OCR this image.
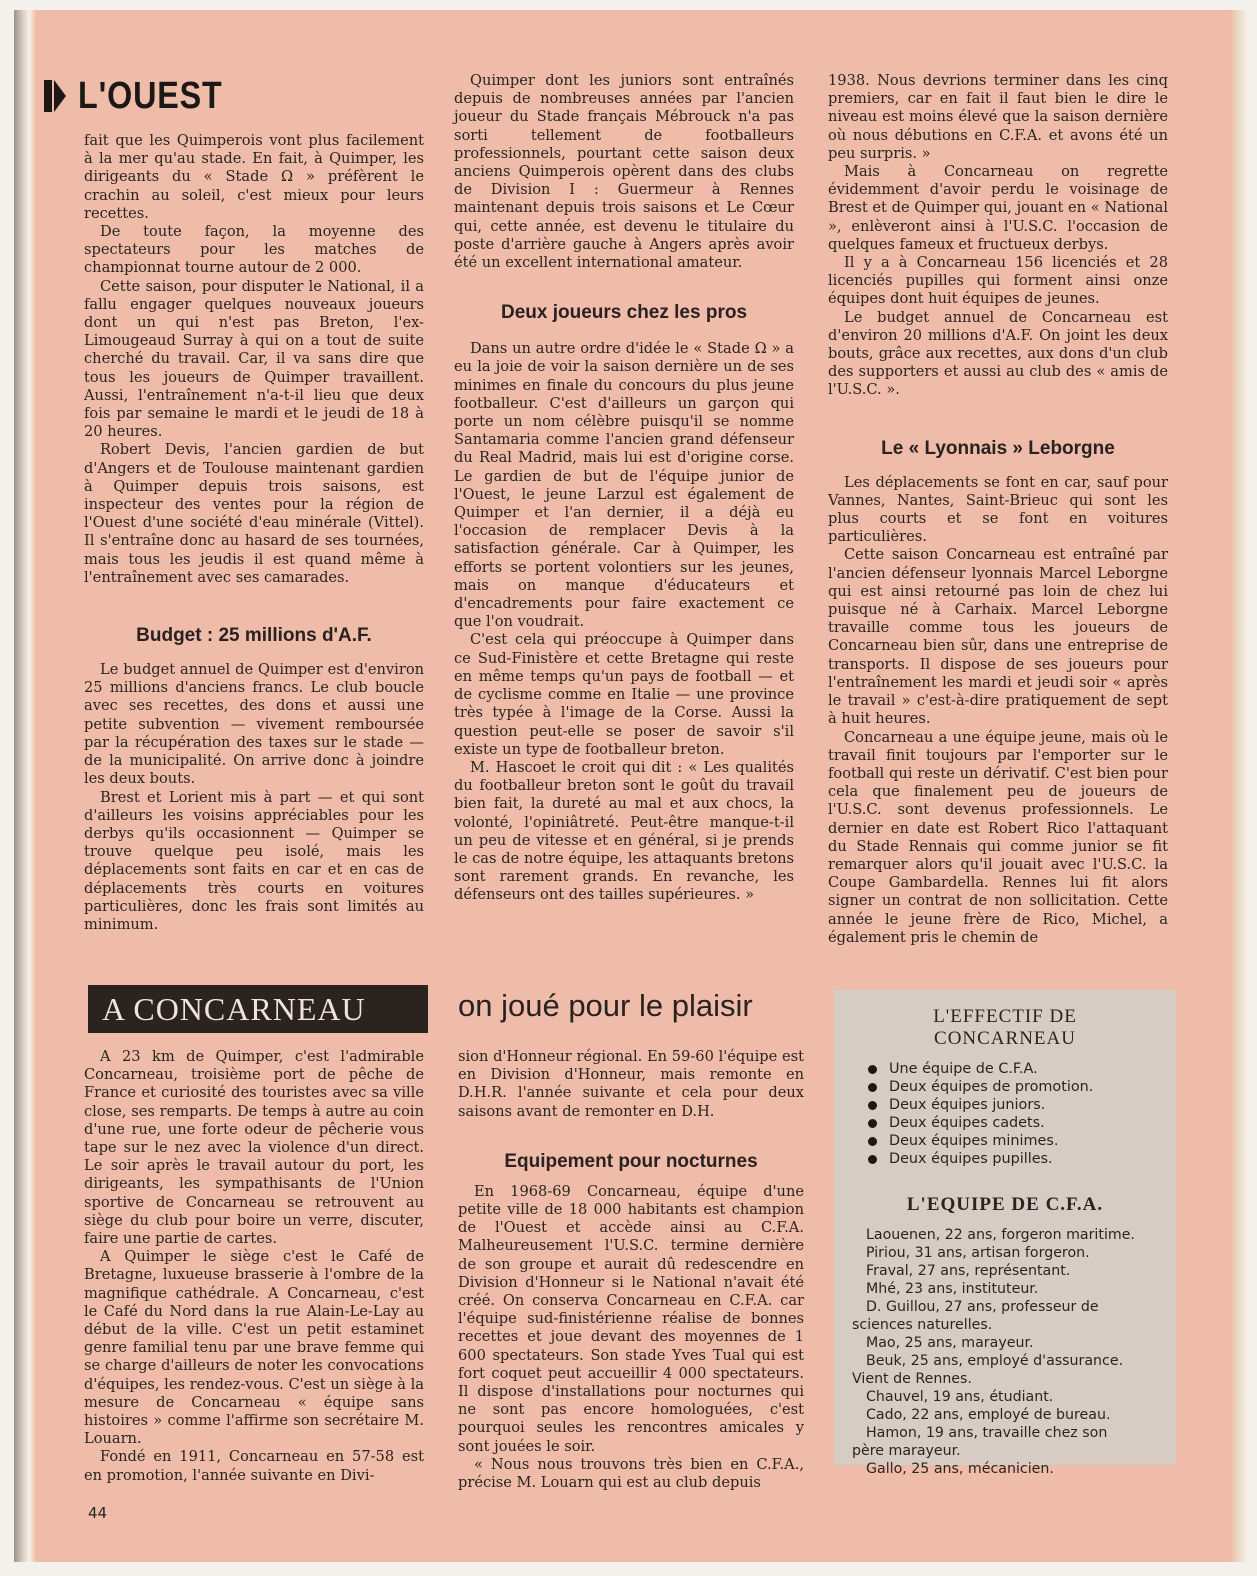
L'OUEST

fait que les Quimperois vont plus facilement à la mer qu'au stade. En fait, à Quimper, les dirigeants du « Stade Ω » préfèrent le crachin au soleil, c'est mieux pour leurs recettes.

De toute façon, la moyenne des spectateurs pour les matches de championnat tourne autour de 2 000.

Cette saison, pour disputer le National, il a fallu engager quelques nouveaux joueurs dont un qui n'est pas Breton, l'ex-Limougeaud Surray à qui on a tout de suite cherché du travail. Car, il va sans dire que tous les joueurs de Quimper travaillent. Aussi, l'entraînement n'a-t-il lieu que deux fois par semaine le mardi et le jeudi de 18 à 20 heures.

Robert Devis, l'ancien gardien de but d'Angers et de Toulouse maintenant gardien à Quimper depuis trois saisons, est inspecteur des ventes pour la région de l'Ouest d'une société d'eau minérale (Vittel). Il s'entraîne donc au hasard de ses tournées, mais tous les jeudis il est quand même à l'entraînement avec ses camarades.

Budget : 25 millions d'A.F.

Le budget annuel de Quimper est d'environ 25 millions d'anciens francs. Le club boucle avec ses recettes, des dons et aussi une petite subvention — vivement remboursée par la récupération des taxes sur le stade — de la municipalité. On arrive donc à joindre les deux bouts.

Brest et Lorient mis à part — et qui sont d'ailleurs les voisins appréciables pour les derbys qu'ils occasionnent — Quimper se trouve quelque peu isolé, mais les déplacements sont faits en car et en cas de déplacements très courts en voitures particulières, donc les frais sont limités au minimum.

Quimper dont les juniors sont entraînés depuis de nombreuses années par l'ancien joueur du Stade français Mébrouck n'a pas sorti tellement de footballeurs professionnels, pourtant cette saison deux anciens Quimperois opèrent dans des clubs de Division I : Guermeur à Rennes maintenant depuis trois saisons et Le Cœur qui, cette année, est devenu le titulaire du poste d'arrière gauche à Angers après avoir été un excellent international amateur.

Deux joueurs chez les pros

Dans un autre ordre d'idée le « Stade Ω » a eu la joie de voir la saison dernière un de ses minimes en finale du concours du plus jeune footballeur. C'est d'ailleurs un garçon qui porte un nom célèbre puisqu'il se nomme Santamaria comme l'ancien grand défenseur du Real Madrid, mais lui est d'origine corse. Le gardien de but de l'équipe junior de l'Ouest, le jeune Larzul est également de Quimper et l'an dernier, il a déjà eu l'occasion de remplacer Devis à la satisfaction générale. Car à Quimper, les efforts se portent volontiers sur les jeunes, mais on manque d'éducateurs et d'encadrements pour faire exactement ce que l'on voudrait.

C'est cela qui préoccupe à Quimper dans ce Sud-Finistère et cette Bretagne qui reste en même temps qu'un pays de football — et de cyclisme comme en Italie — une province très typée à l'image de la Corse. Aussi la question peut-elle se poser de savoir s'il existe un type de footballeur breton.

M. Hascoet le croit qui dit : « Les qualités du footballeur breton sont le goût du travail bien fait, la dureté au mal et aux chocs, la volonté, l'opiniâtreté. Peut-être manque-t-il un peu de vitesse et en général, si je prends le cas de notre équipe, les attaquants bretons sont rarement grands. En revanche, les défenseurs ont des tailles supérieures. »

1938. Nous devrions terminer dans les cinq premiers, car en fait il faut bien le dire le niveau est moins élevé que la saison dernière où nous débutions en C.F.A. et avons été un peu surpris. »

Mais à Concarneau on regrette évidemment d'avoir perdu le voisinage de Brest et de Quimper qui, jouant en « National », enlèveront ainsi à l'U.S.C. l'occasion de quelques fameux et fructueux derbys.

Il y a à Concarneau 156 licenciés et 28 licenciés pupilles qui forment ainsi onze équipes dont huit équipes de jeunes.

Le budget annuel de Concarneau est d'environ 20 millions d'A.F. On joint les deux bouts, grâce aux recettes, aux dons d'un club des supporters et aussi au club des « amis de l'U.S.C. ».

Le « Lyonnais » Leborgne

Les déplacements se font en car, sauf pour Vannes, Nantes, Saint-Brieuc qui sont les plus courts et se font en voitures particulières.

Cette saison Concarneau est entraîné par l'ancien défenseur lyonnais Marcel Leborgne qui est ainsi retourné pas loin de chez lui puisque né à Carhaix. Marcel Leborgne travaille comme tous les joueurs de Concarneau bien sûr, dans une entreprise de transports. Il dispose de ses joueurs pour l'entraînement les mardi et jeudi soir « après le travail » c'est-à-dire pratiquement de sept à huit heures.

Concarneau a une équipe jeune, mais où le travail finit toujours par l'emporter sur le football qui reste un dérivatif. C'est bien pour cela que finalement peu de joueurs de l'U.S.C. sont devenus professionnels. Le dernier en date est Robert Rico l'attaquant du Stade Rennais qui comme junior se fit remarquer alors qu'il jouait avec l'U.S.C. la Coupe Gambardella. Rennes lui fit alors signer un contrat de non sollicitation. Cette année le jeune frère de Rico, Michel, a également pris le chemin de

A CONCARNEAU	on joué pour le plaisir

A 23 km de Quimper, c'est l'admirable Concarneau, troisième port de pêche de France et curiosité des touristes avec sa ville close, ses remparts. De temps à autre au coin d'une rue, une forte odeur de pêcherie vous tape sur le nez avec la violence d'un direct. Le soir après le travail autour du port, les dirigeants, les sympathisants de l'Union sportive de Concarneau se retrouvent au siège du club pour boire un verre, discuter, faire une partie de cartes.

A Quimper le siège c'est le Café de Bretagne, luxueuse brasserie à l'ombre de la magnifique cathédrale. A Concarneau, c'est le Café du Nord dans la rue Alain-Le-Lay au début de la ville. C'est un petit estaminet genre familial tenu par une brave femme qui se charge d'ailleurs de noter les convocations d'équipes, les rendez-vous. C'est un siège à la mesure de Concarneau « équipe sans histoires » comme l'affirme son secrétaire M. Louarn.

Fondé en 1911, Concarneau en 57-58 est en promotion, l'année suivante en Divi-

sion d'Honneur régional. En 59-60 l'équipe est en Division d'Honneur, mais remonte en D.H.R. l'année suivante et cela pour deux saisons avant de remonter en D.H.

Equipement pour nocturnes

En 1968-69 Concarneau, équipe d'une petite ville de 18 000 habitants est champion de l'Ouest et accède ainsi au C.F.A. Malheureusement l'U.S.C. termine dernière de son groupe et aurait dû redescendre en Division d'Honneur si le National n'avait été créé. On conserva Concarneau en C.F.A. car l'équipe sud-finistérienne réalise de bonnes recettes et joue devant des moyennes de 1 600 spectateurs. Son stade Yves Tual qui est fort coquet peut accueillir 4 000 spectateurs. Il dispose d'installations pour nocturnes qui ne sont pas encore homologuées, c'est pourquoi seules les rencontres amicales y sont jouées le soir.

« Nous nous trouvons très bien en C.F.A., précise M. Louarn qui est au club depuis

L'EFFECTIF DE
CONCARNEAU
Une équipe de C.F.A.
Deux équipes de promotion.
Deux équipes juniors.
Deux équipes cadets.
Deux équipes minimes.
Deux équipes pupilles.
L'EQUIPE DE C.F.A.
Laouenen, 22 ans, forgeron maritime.
Piriou, 31 ans, artisan forgeron.
Fraval, 27 ans, représentant.
Mhé, 23 ans, instituteur.
D. Guillou, 27 ans, professeur de
sciences naturelles.
Mao, 25 ans, marayeur.
Beuk, 25 ans, employé d'assurance.
Vient de Rennes.
Chauvel, 19 ans, étudiant.
Cado, 22 ans, employé de bureau.
Hamon, 19 ans, travaille chez son
père marayeur.
Gallo, 25 ans, mécanicien.
44
